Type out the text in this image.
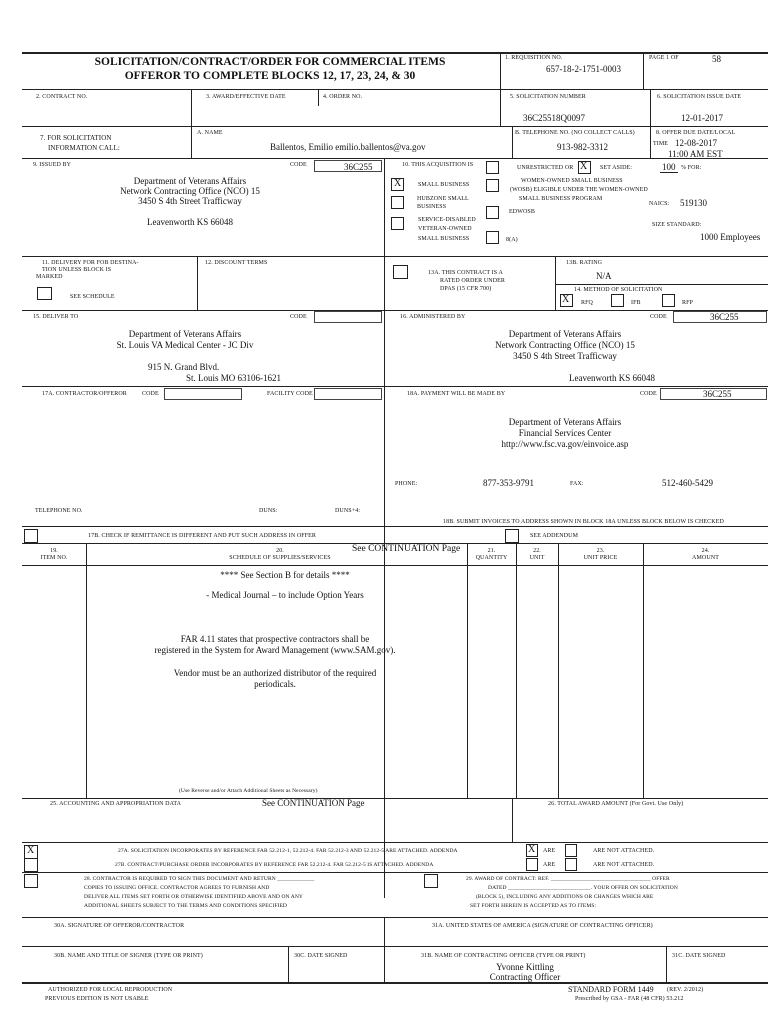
SOLICITATION/CONTRACT/ORDER FOR COMMERCIAL ITEMS
OFFEROR TO COMPLETE BLOCKS 12, 17, 23, 24, & 30
1. REQUISITION NO.
657-18-2-1751-0003
PAGE 1 OF	58
2. CONTRACT NO.	3. AWARD/EFFECTIVE DATE	4. ORDER NO.	5. SOLICITATION NUMBER
36C25518Q0097
6. SOLICITATION ISSUE DATE
12-01-2017
7. FOR SOLICITATION
INFORMATION CALL:
A. NAME
Ballentos, Emilio emilio.ballentos@va.gov
B. TELEPHONE NO. (NO COLLECT CALLS)
913-982-3312
8. OFFER DUE DATE/LOCAL
TIME 12-08-2017
11:00 AM EST
9. ISSUED BY	CODE	36C255
Department of Veterans Affairs
Network Contracting Office (NCO) 15
3450 S 4th Street Trafficway
Leavenworth KS 66048
10. THIS ACQUISITION IS	UNRESTRICTED OR X SET ASIDE:	100 % FOR:
X	SMALL BUSINESS
WOMEN-OWNED SMALL BUSINESS
(WOSB) ELIGIBLE UNDER THE WOMEN-OWNED
SMALL BUSINESS PROGRAM
HUBZONE SMALL
BUSINESS
EDWOSB
NAICS: 519130
SERVICE-DISABLED
VETERAN-OWNED
SMALL BUSINESS	8(A)
SIZE STANDARD:
1000 Employees
11. DELIVERY FOR FOB DESTINA-
TION UNLESS BLOCK IS
MARKED
SEE SCHEDULE
12. DISCOUNT TERMS
13A. THIS CONTRACT IS A
RATED ORDER UNDER
DPAS (15 CFR 700)
13B. RATING
N/A
14. METHOD OF SOLICITATION
X RFQ	IFB	RFP
15. DELIVER TO	CODE
Department of Veterans Affairs
St. Louis VA Medical Center - JC Div
915 N. Grand Blvd.
St. Louis MO 63106-1621
16. ADMINISTERED BY	CODE	36C255
Department of Veterans Affairs
Network Contracting Office (NCO) 15
3450 S 4th Street Trafficway
Leavenworth KS 66048
17A. CONTRACTOR/OFFEROR	CODE	FACILITY CODE
TELEPHONE NO.	DUNS:	DUNS+4:
17B. CHECK IF REMITTANCE IS DIFFERENT AND PUT SUCH ADDRESS IN OFFER
18A. PAYMENT WILL BE MADE BY	CODE	36C255
Department of Veterans Affairs
Financial Services Center
http://www.fsc.va.gov/einvoice.asp
PHONE:	877-353-9791	FAX:	512-460-5429
18B. SUBMIT INVOICES TO ADDRESS SHOWN IN BLOCK 18A UNLESS BLOCK BELOW IS CHECKED
SEE ADDENDUM
19.
ITEM NO.
20.
SCHEDULE OF SUPPLIES/SERVICES
See CONTINUATION Page	21.
QUANTITY
22.
UNIT
23.
UNIT PRICE
24.
AMOUNT
**** See Section B for details ****
- Medical Journal – to include Option Years
FAR 4.11 states that prospective contractors shall be
registered in the System for Award Management (www.SAM.gov).
Vendor must be an authorized distributor of the required
periodicals.
(Use Reverse and/or Attach Additional Sheets as Necessary)
25. ACCOUNTING AND APPROPRIATION DATA	See CONTINUATION Page	26. TOTAL AWARD AMOUNT (For Govt. Use Only)
X	27A. SOLICITATION INCORPORATES BY REFERENCE FAR 52.212-1, 52.212-4. FAR 52.212-3 AND 52.212-5 ARE ATTACHED. ADDENDA	X ARE	ARE NOT ATTACHED.
27B. CONTRACT/PURCHASE ORDER INCORPORATES BY REFERENCE FAR 52.212-4. FAR 52.212-5 IS ATTACHED. ADDENDA	ARE	ARE NOT ATTACHED.
28. CONTRACTOR IS REQUIRED TO SIGN THIS DOCUMENT AND RETURN _____________
COPIES TO ISSUING OFFICE. CONTRACTOR AGREES TO FURNISH AND
DELIVER ALL ITEMS SET FORTH OR OTHERWISE IDENTIFIED ABOVE AND ON ANY
ADDITIONAL SHEETS SUBJECT TO THE TERMS AND CONDITIONS SPECIFIED
29. AWARD OF CONTRACT: REF. ___________________________________ OFFER
DATED _____________________________. YOUR OFFER ON SOLICITATION
(BLOCK 5), INCLUDING ANY ADDITIONS OR CHANGES WHICH ARE
SET FORTH HEREIN IS ACCEPTED AS TO ITEMS:
30A. SIGNATURE OF OFFEROR/CONTRACTOR	31A. UNITED STATES OF AMERICA (SIGNATURE OF CONTRACTING OFFICER)
30B. NAME AND TITLE OF SIGNER (TYPE OR PRINT)	30C. DATE SIGNED	31B. NAME OF CONTRACTING OFFICER (TYPE OR PRINT)	31C. DATE SIGNED
Yvonne Kittling
Contracting Officer
AUTHORIZED FOR LOCAL REPRODUCTION
PREVIOUS EDITION IS NOT USABLE
STANDARD FORM 1449 (REV. 2/2012)
Prescribed by GSA - FAR (48 CFR) 53.212
